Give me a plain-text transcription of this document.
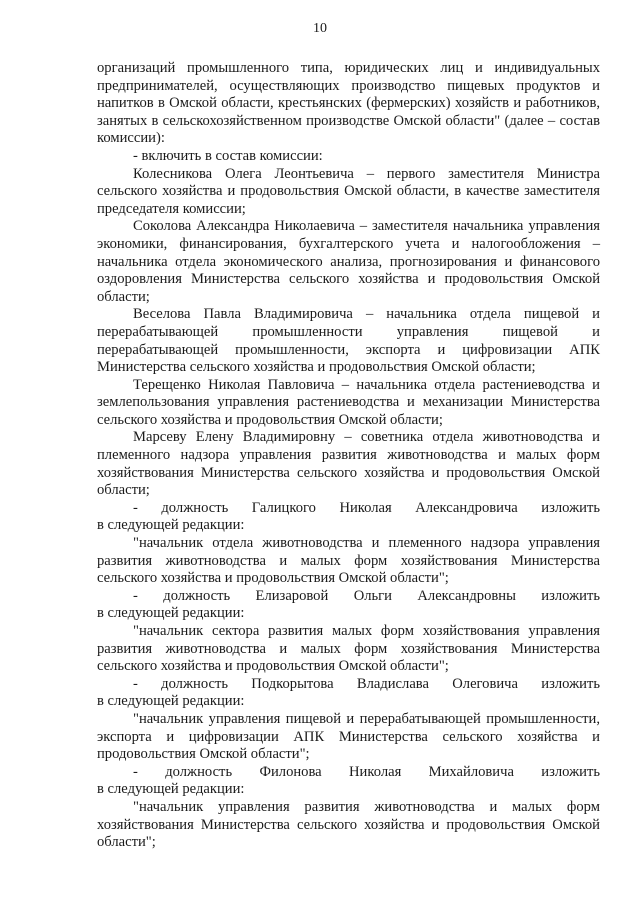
10

организаций промышленного типа, юридических лиц и индивидуальных предпринимателей, осуществляющих производство пищевых продуктов и напитков в Омской области, крестьянских (фермерских) хозяйств и работников, занятых в сельскохозяйственном производстве Омской области" (далее – состав комиссии):

- включить в состав комиссии:

Колесникова Олега Леонтьевича – первого заместителя Министра сельского хозяйства и продовольствия Омской области, в качестве заместителя председателя комиссии;

Соколова Александра Николаевича – заместителя начальника управления экономики, финансирования, бухгалтерского учета и налогообложения – начальника отдела экономического анализа, прогнозирования и финансового оздоровления Министерства сельского хозяйства и продовольствия Омской области;

Веселова Павла Владимировича – начальника отдела пищевой и перерабатывающей промышленности управления пищевой и перерабатывающей промышленности, экспорта и цифровизации АПК Министерства сельского хозяйства и продовольствия Омской области;

Терещенко Николая Павловича – начальника отдела растениеводства и землепользования управления растениеводства и механизации Министерства сельского хозяйства и продовольствия Омской области;

Марсеву Елену Владимировну – советника отдела животноводства и племенного надзора управления развития животноводства и малых форм хозяйствования Министерства сельского хозяйства и продовольствия Омской области;

- должность Галицкого Николая Александровича изложить

в следующей редакции:

"начальник отдела животноводства и племенного надзора управления развития животноводства и малых форм хозяйствования Министерства сельского хозяйства и продовольствия Омской области";

- должность Елизаровой Ольги Александровны изложить

в следующей редакции:

"начальник сектора развития малых форм хозяйствования управления развития животноводства и малых форм хозяйствования Министерства сельского хозяйства и продовольствия Омской области";

- должность Подкорытова Владислава Олеговича изложить

в следующей редакции:

"начальник управления пищевой и перерабатывающей промышленности, экспорта и цифровизации АПК Министерства сельского хозяйства и продовольствия Омской области";

- должность Филонова Николая Михайловича изложить

в следующей редакции:

"начальник управления развития животноводства и малых форм хозяйствования Министерства сельского хозяйства и продовольствия Омской области";
